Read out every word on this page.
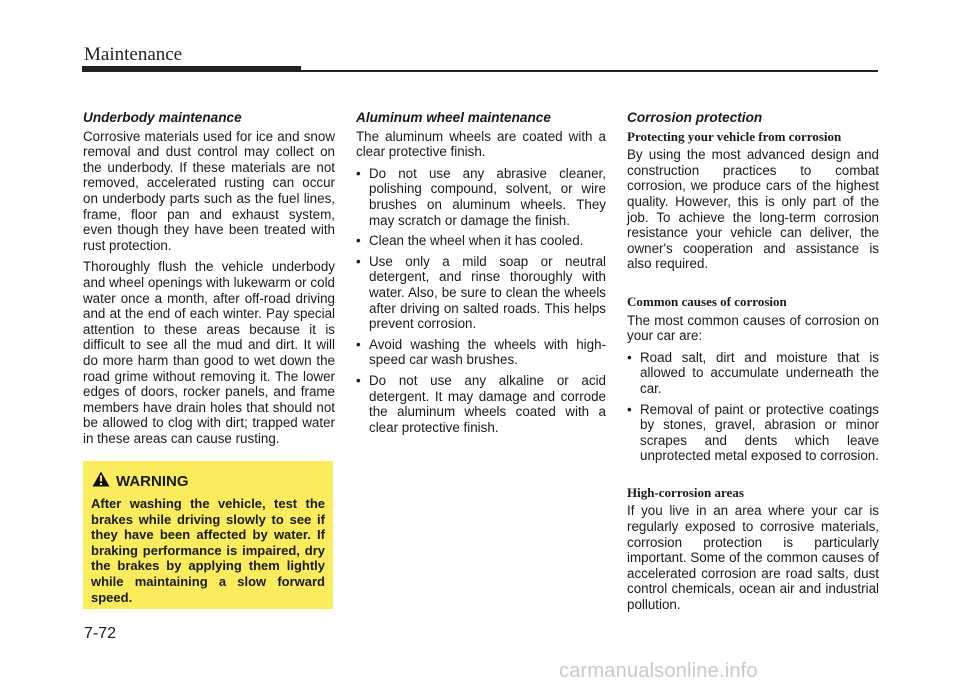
Maintenance
Underbody maintenance

Corrosive materials used for ice and snow removal and dust control may collect on the underbody. If these materials are not removed, accelerated rusting can occur on underbody parts such as the fuel lines, frame, floor pan and exhaust system, even though they have been treated with rust protection.

Thoroughly flush the vehicle underbody and wheel openings with lukewarm or cold water once a month, after off-road driving and at the end of each winter. Pay special attention to these areas because it is difficult to see all the mud and dirt. It will do more harm than good to wet down the road grime without removing it. The lower edges of doors, rocker panels, and frame members have drain holes that should not be allowed to clog with dirt; trapped water in these areas can cause rusting.

WARNING
After washing the vehicle, test the brakes while driving slowly to see if they have been affected by water. If braking performance is impaired, dry the brakes by applying them lightly while maintaining a slow forward speed.
Aluminum wheel maintenance

The aluminum wheels are coated with a clear protective finish.

• Do not use any abrasive cleaner, polishing compound, solvent, or wire brushes on aluminum wheels. They may scratch or damage the finish.
• Clean the wheel when it has cooled.
• Use only a mild soap or neutral detergent, and rinse thoroughly with water. Also, be sure to clean the wheels after driving on salted roads. This helps prevent corrosion.
• Avoid washing the wheels with high-speed car wash brushes.
• Do not use any alkaline or acid detergent. It may damage and corrode the aluminum wheels coated with a clear protective finish.
Corrosion protection
Protecting your vehicle from corrosion

By using the most advanced design and construction practices to combat corrosion, we produce cars of the highest quality. However, this is only part of the job. To achieve the long-term corrosion resistance your vehicle can deliver, the owner's cooperation and assistance is also required.

Common causes of corrosion

The most common causes of corrosion on your car are:

• Road salt, dirt and moisture that is allowed to accumulate underneath the car.
• Removal of paint or protective coatings by stones, gravel, abrasion or minor scrapes and dents which leave unprotected metal exposed to corrosion.
High-corrosion areas

If you live in an area where your car is regularly exposed to corrosive materials, corrosion protection is particularly important. Some of the common causes of accelerated corrosion are road salts, dust control chemicals, ocean air and industrial pollution.

7-72
carmanualsonline.info
